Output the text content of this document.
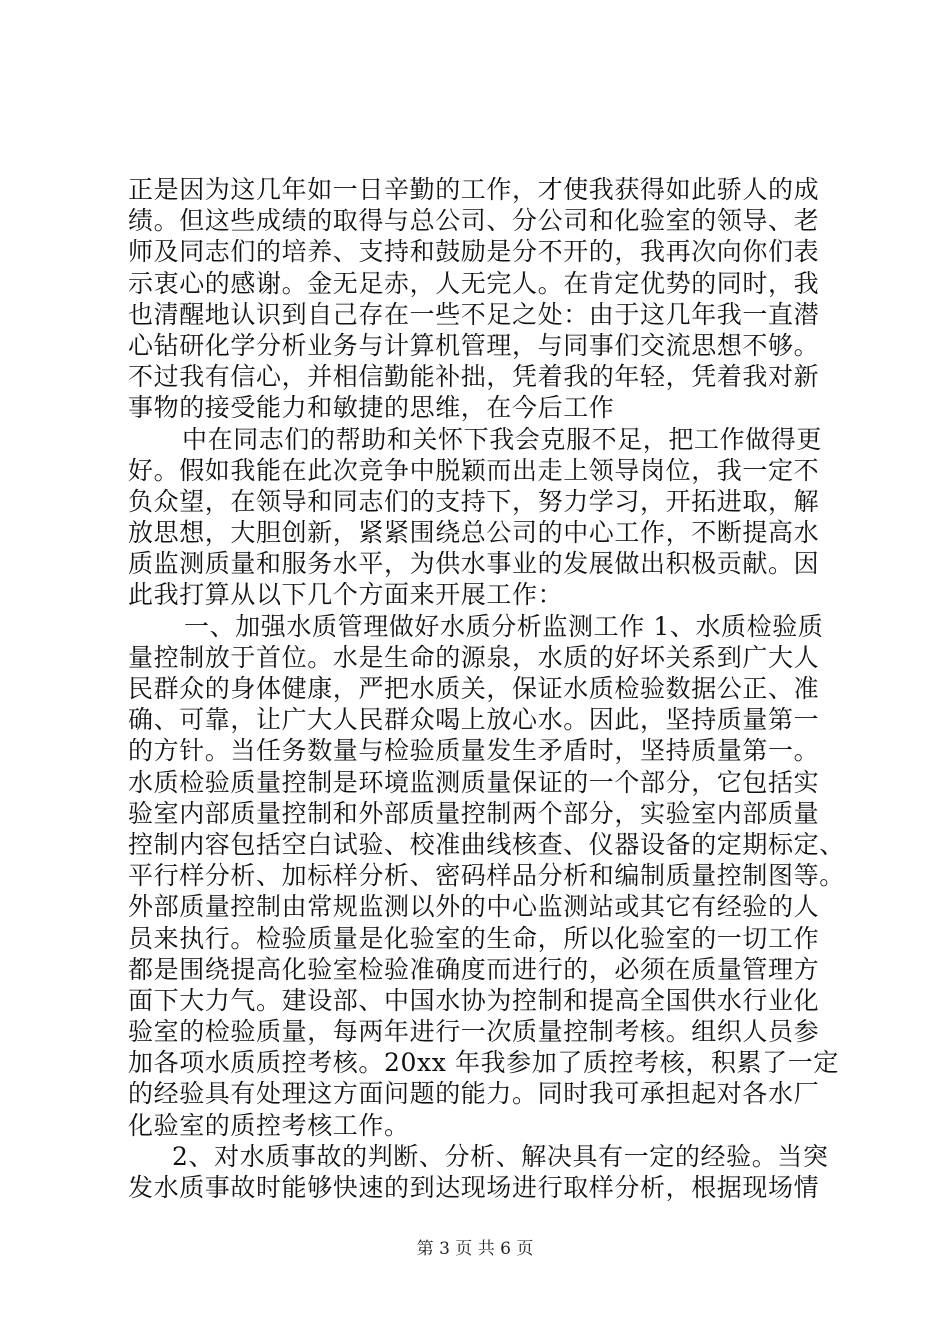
正是因为这几年如一日辛勤的工作，才使我获得如此骄人的成
绩。但这些成绩的取得与总公司、分公司和化验室的领导、老
师及同志们的培养、支持和鼓励是分不开的，我再次向你们表
示衷心的感谢。金无足赤，人无完人。在肯定优势的同时，我
也清醒地认识到自己存在一些不足之处：由于这几年我一直潜
心钻研化学分析业务与计算机管理，与同事们交流思想不够。
不过我有信心，并相信勤能补拙，凭着我的年轻，凭着我对新
事物的接受能力和敏捷的思维，在今后工作
中在同志们的帮助和关怀下我会克服不足，把工作做得更
好。假如我能在此次竞争中脱颖而出走上领导岗位，我一定不
负众望，在领导和同志们的支持下，努力学习，开拓进取，解
放思想，大胆创新，紧紧围绕总公司的中心工作，不断提高水
质监测质量和服务水平，为供水事业的发展做出积极贡献。因
此我打算从以下几个方面来开展工作：
一、加强水质管理做好水质分析监测工作 1、水质检验质
量控制放于首位。水是生命的源泉，水质的好坏关系到广大人
民群众的身体健康，严把水质关，保证水质检验数据公正、准
确、可靠，让广大人民群众喝上放心水。因此，坚持质量第一
的方针。当任务数量与检验质量发生矛盾时，坚持质量第一。
水质检验质量控制是环境监测质量保证的一个部分，它包括实
验室内部质量控制和外部质量控制两个部分，实验室内部质量
控制内容包括空白试验、校准曲线核查、仪器设备的定期标定、
平行样分析、加标样分析、密码样品分析和编制质量控制图等。
外部质量控制由常规监测以外的中心监测站或其它有经验的人
员来执行。检验质量是化验室的生命，所以化验室的一切工作
都是围绕提高化验室检验准确度而进行的，必须在质量管理方
面下大力气。建设部、中国水协为控制和提高全国供水行业化
验室的检验质量，每两年进行一次质量控制考核。组织人员参
加各项水质质控考核。20xx 年我参加了质控考核，积累了一定
的经验具有处理这方面问题的能力。同时我可承担起对各水厂
化验室的质控考核工作。
2、对水质事故的判断、分析、解决具有一定的经验。当突
发水质事故时能够快速的到达现场进行取样分析，根据现场情
第 3 页 共 6 页
